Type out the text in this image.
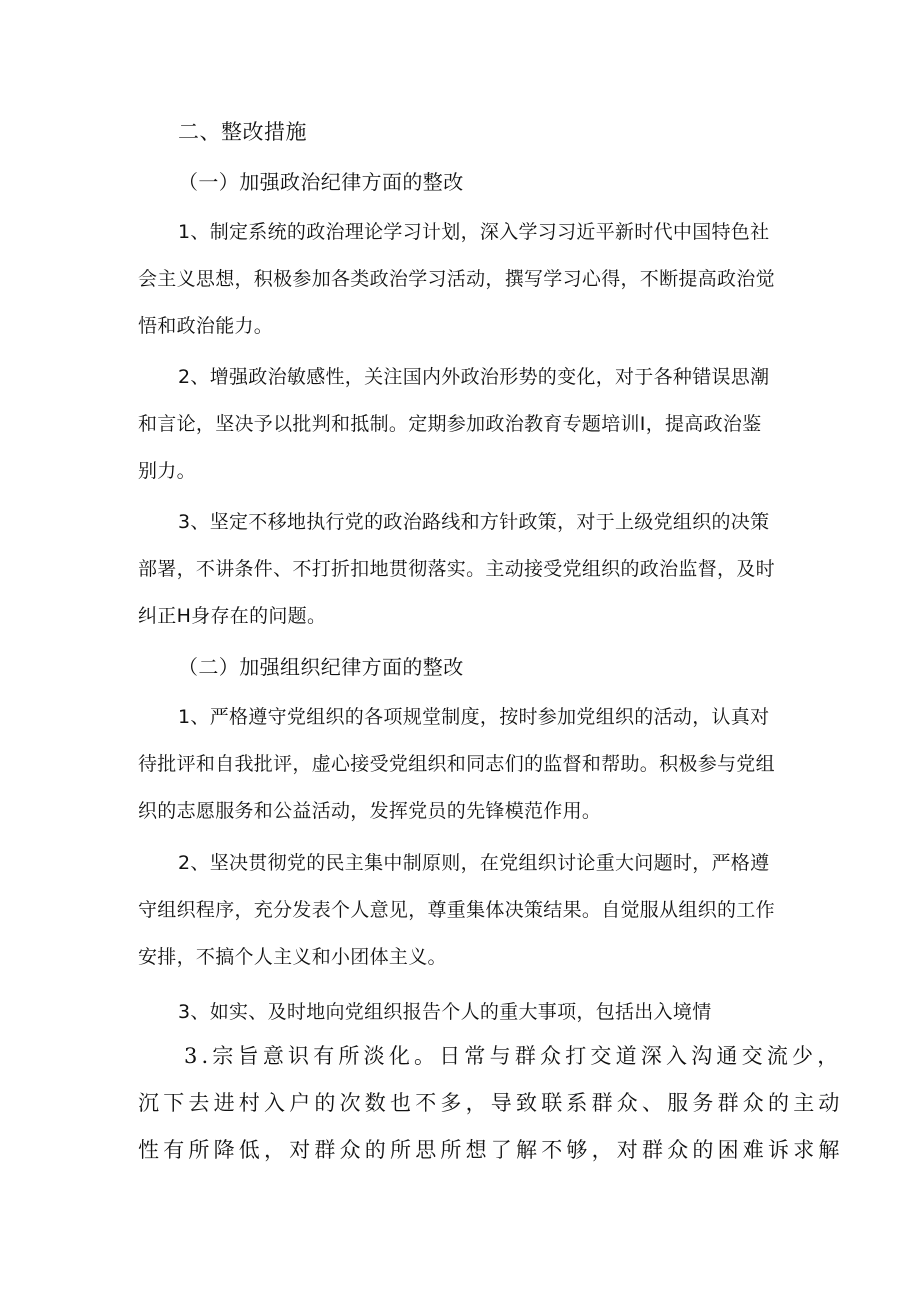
二、整改措施
（一）加强政治纪律方面的整改
1、制定系统的政治理论学习计划，深入学习习近平新时代中国特色社
会主义思想，积极参加各类政治学习活动，撰写学习心得，不断提高政治觉
悟和政治能力。
2、增强政治敏感性，关注国内外政治形势的变化，对于各种错误思潮
和言论，坚决予以批判和抵制。定期参加政治教育专题培训I，提高政治鉴
别力。
3、坚定不移地执行党的政治路线和方针政策，对于上级党组织的决策
部署，不讲条件、不打折扣地贯彻落实。主动接受党组织的政治监督，及时
纠正H身存在的问题。
（二）加强组织纪律方面的整改
1、严格遵守党组织的各项规堂制度，按时参加党组织的活动，认真对
待批评和自我批评，虚心接受党组织和同志们的监督和帮助。积极参与党组
织的志愿服务和公益活动，发挥党员的先锋模范作用。
2、坚决贯彻党的民主集中制原则，在党组织讨论重大问题时，严格遵
守组织程序，充分发表个人意见，尊重集体决策结果。自觉服从组织的工作
安排，不搞个人主义和小团体主义。
3、如实、及时地向党组织报告个人的重大事项，包括出入境情
3.宗旨意识有所淡化。日常与群众打交道深入沟通交流少，
沉下去进村入户的次数也不多，导致联系群众、服务群众的主动
性有所降低，对群众的所思所想了解不够，对群众的困难诉求解
